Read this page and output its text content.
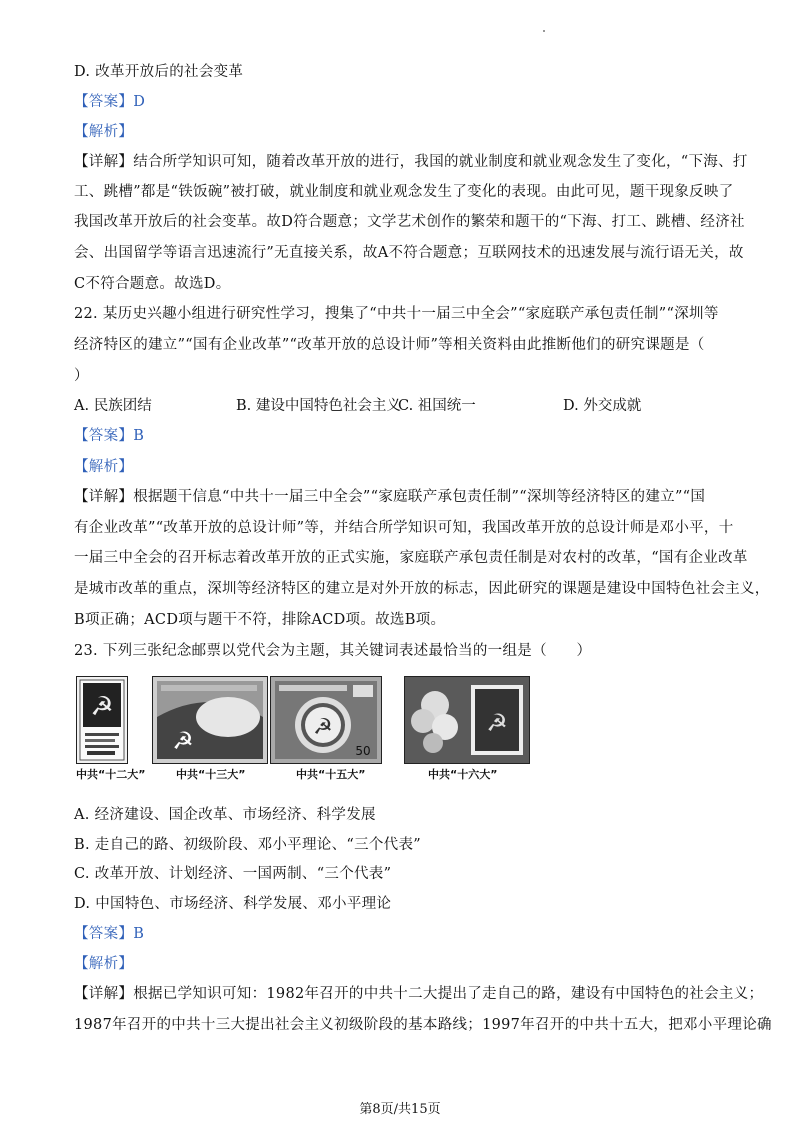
D. 改革开放后的社会变革
【答案】D
【解析】
【详解】结合所学知识可知，随着改革开放的进行，我国的就业制度和就业观念发生了变化，“下海、打
工、跳槽”都是“铁饭碗”被打破，就业制度和就业观念发生了变化的表现。由此可见，题干现象反映了
我国改革开放后的社会变革。故D符合题意；文学艺术创作的繁荣和题干的“下海、打工、跳槽、经济社
会、出国留学等语言迅速流行”无直接关系，故A不符合题意；互联网技术的迅速发展与流行语无关，故
C不符合题意。故选D。
22. 某历史兴趣小组进行研究性学习，搜集了“中共十一届三中全会”“家庭联产承包责任制”“深圳等
经济特区的建立”“国有企业改革”“改革开放的总设计师”等相关资料由此推断他们的研究课题是（
）
A. 民族团结	B. 建设中国特色社会主义
C. 祖国统一	D. 外交成就
【答案】B
【解析】
【详解】根据题干信息“中共十一届三中全会”“家庭联产承包责任制”“深圳等经济特区的建立”“国
有企业改革”“改革开放的总设计师”等，并结合所学知识可知，我国改革开放的总设计师是邓小平，十
一届三中全会的召开标志着改革开放的正式实施，家庭联产承包责任制是对农村的改革，“国有企业改革
是城市改革的重点，深圳等经济特区的建立是对外开放的标志，因此研究的课题是建设中国特色社会主义，
B项正确；ACD项与题干不符，排除ACD项。故选B项。
23. 下列三张纪念邮票以党代会为主题，其关键词表述最恰当的一组是（　　）
☭
☭	☭
50
☭
中共“十二大”	中共“十三大”	中共“十五大”	中共“十六大”
A. 经济建设、国企改革、市场经济、科学发展
B. 走自己的路、初级阶段、邓小平理论、“三个代表”
C. 改革开放、计划经济、一国两制、“三个代表”
D. 中国特色、市场经济、科学发展、邓小平理论
【答案】B
【解析】
【详解】根据已学知识可知：1982年召开的中共十二大提出了走自己的路，建设有中国特色的社会主义；
1987年召开的中共十三大提出社会主义初级阶段的基本路线；1997年召开的中共十五大，把邓小平理论确
第8页/共15页
